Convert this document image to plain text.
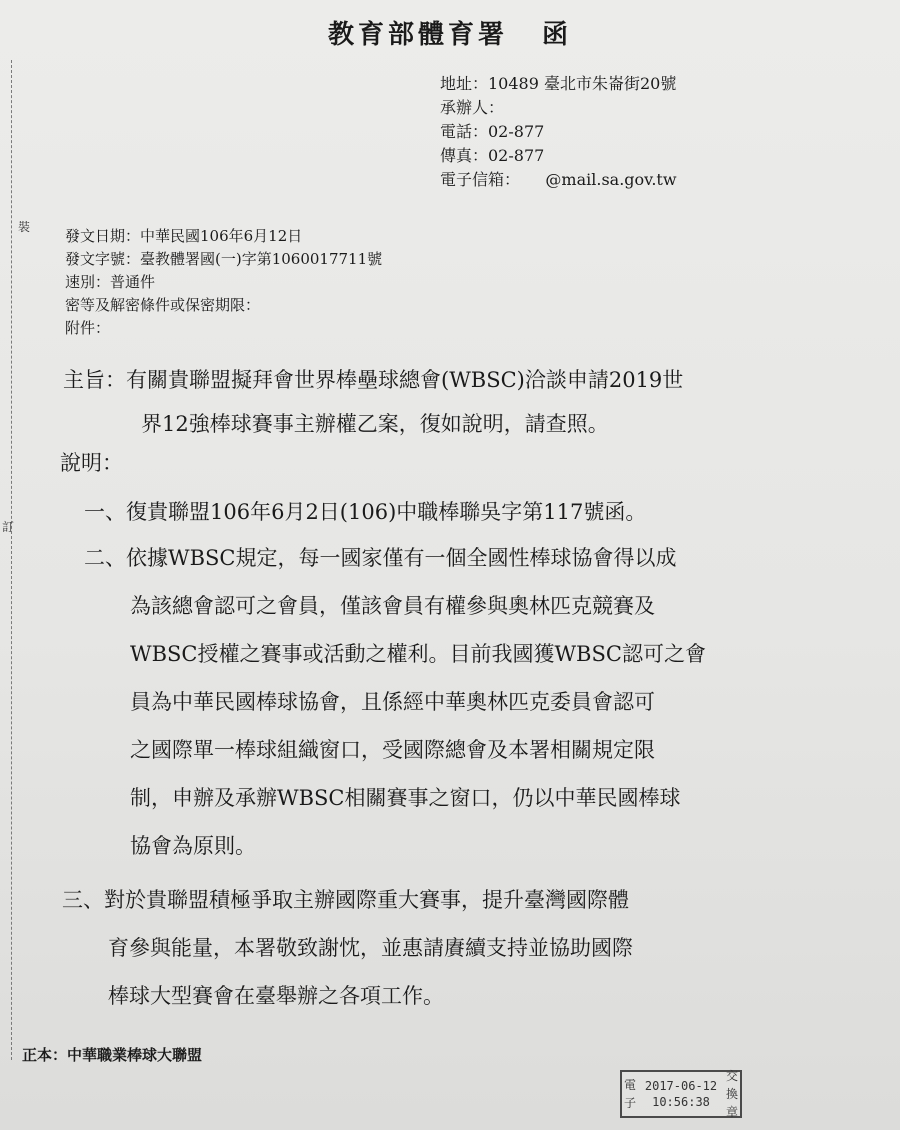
裝
訂
教育部體育署 函
地址：10489 臺北市朱崙街20號
承辦人：
電話：02-877
傳真：02-877
電子信箱：     @mail.sa.gov.tw
發文日期：中華民國106年6月12日
發文字號：臺教體署國(一)字第1060017711號
速別：普通件
密等及解密條件或保密期限：
附件：
主旨：有關貴聯盟擬拜會世界棒壘球總會(WBSC)洽談申請2019世
界12強棒球賽事主辦權乙案，復如說明，請查照。
說明：
一、復貴聯盟106年6月2日(106)中職棒聯吳字第117號函。
二、依據WBSC規定，每一國家僅有一個全國性棒球協會得以成
為該總會認可之會員，僅該會員有權參與奧林匹克競賽及
WBSC授權之賽事或活動之權利。目前我國獲WBSC認可之會
員為中華民國棒球協會，且係經中華奧林匹克委員會認可
之國際單一棒球組織窗口，受國際總會及本署相關規定限
制，申辦及承辦WBSC相關賽事之窗口，仍以中華民國棒球
協會為原則。
三、對於貴聯盟積極爭取主辦國際重大賽事，提升臺灣國際體
育參與能量，本署敬致謝忱，並惠請賡續支持並協助國際
棒球大型賽會在臺舉辦之各項工作。
正本：中華職業棒球大聯盟
電子
2017-06-12
10:56:38
交換
章
